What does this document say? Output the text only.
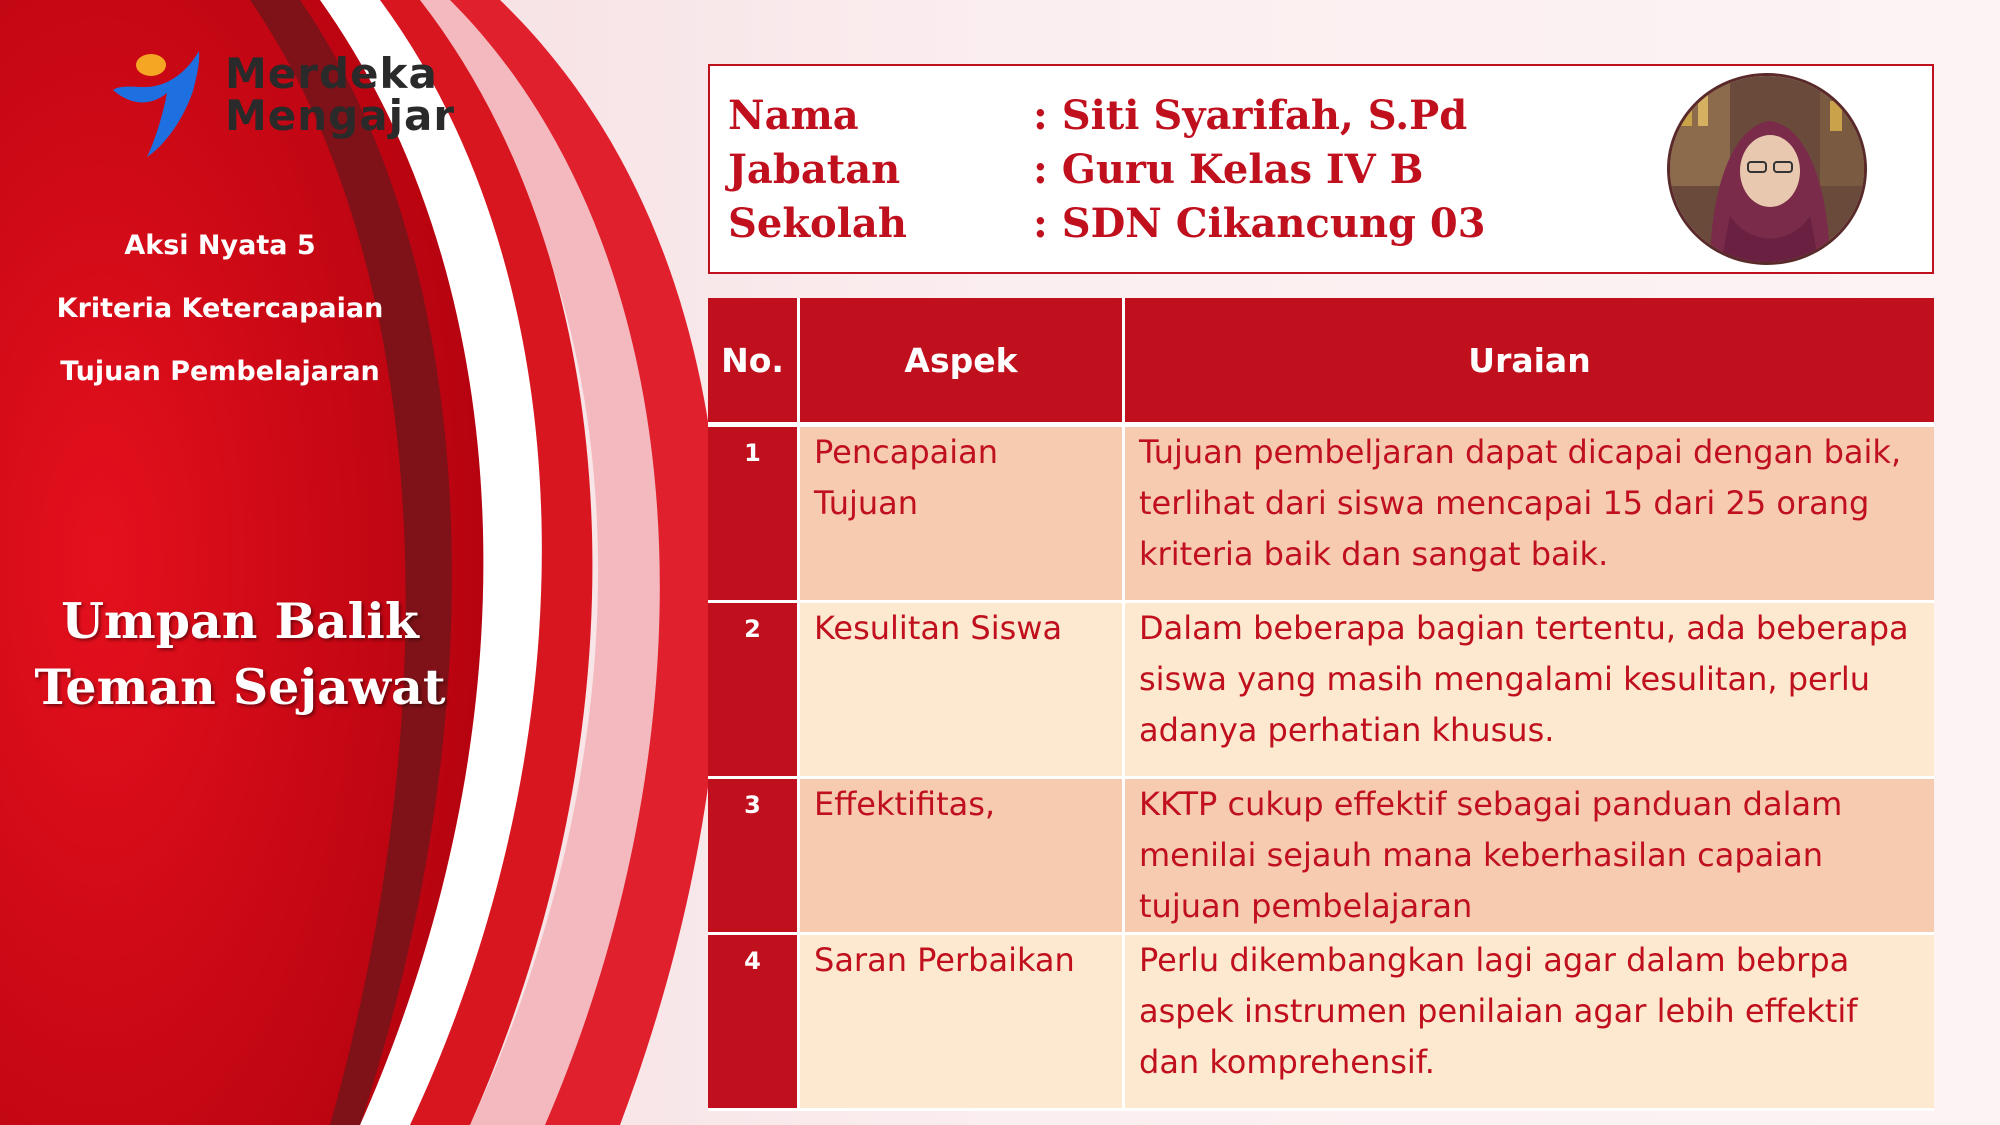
Merdeka
Mengajar
Aksi Nyata 5
Kriteria Ketercapaian
Tujuan Pembelajaran
Umpan Balik
Teman Sejawat
Nama	: Siti Syarifah, S.Pd
Jabatan	: Guru Kelas IV B
Sekolah	: SDN Cikancung 03
No.	Aspek	Uraian
1	Pencapaian Tujuan	Tujuan pembeljaran dapat dicapai dengan baik, terlihat dari siswa mencapai 15 dari 25 orang kriteria baik dan sangat baik.
2	Kesulitan Siswa	Dalam beberapa bagian tertentu, ada beberapa siswa yang masih mengalami kesulitan, perlu adanya perhatian khusus.
3	Effektifitas,	KKTP cukup effektif sebagai panduan dalam menilai sejauh mana keberhasilan capaian tujuan pembelajaran
4	Saran Perbaikan	Perlu dikembangkan lagi agar dalam bebrpa aspek instrumen penilaian agar lebih effektif dan komprehensif.
